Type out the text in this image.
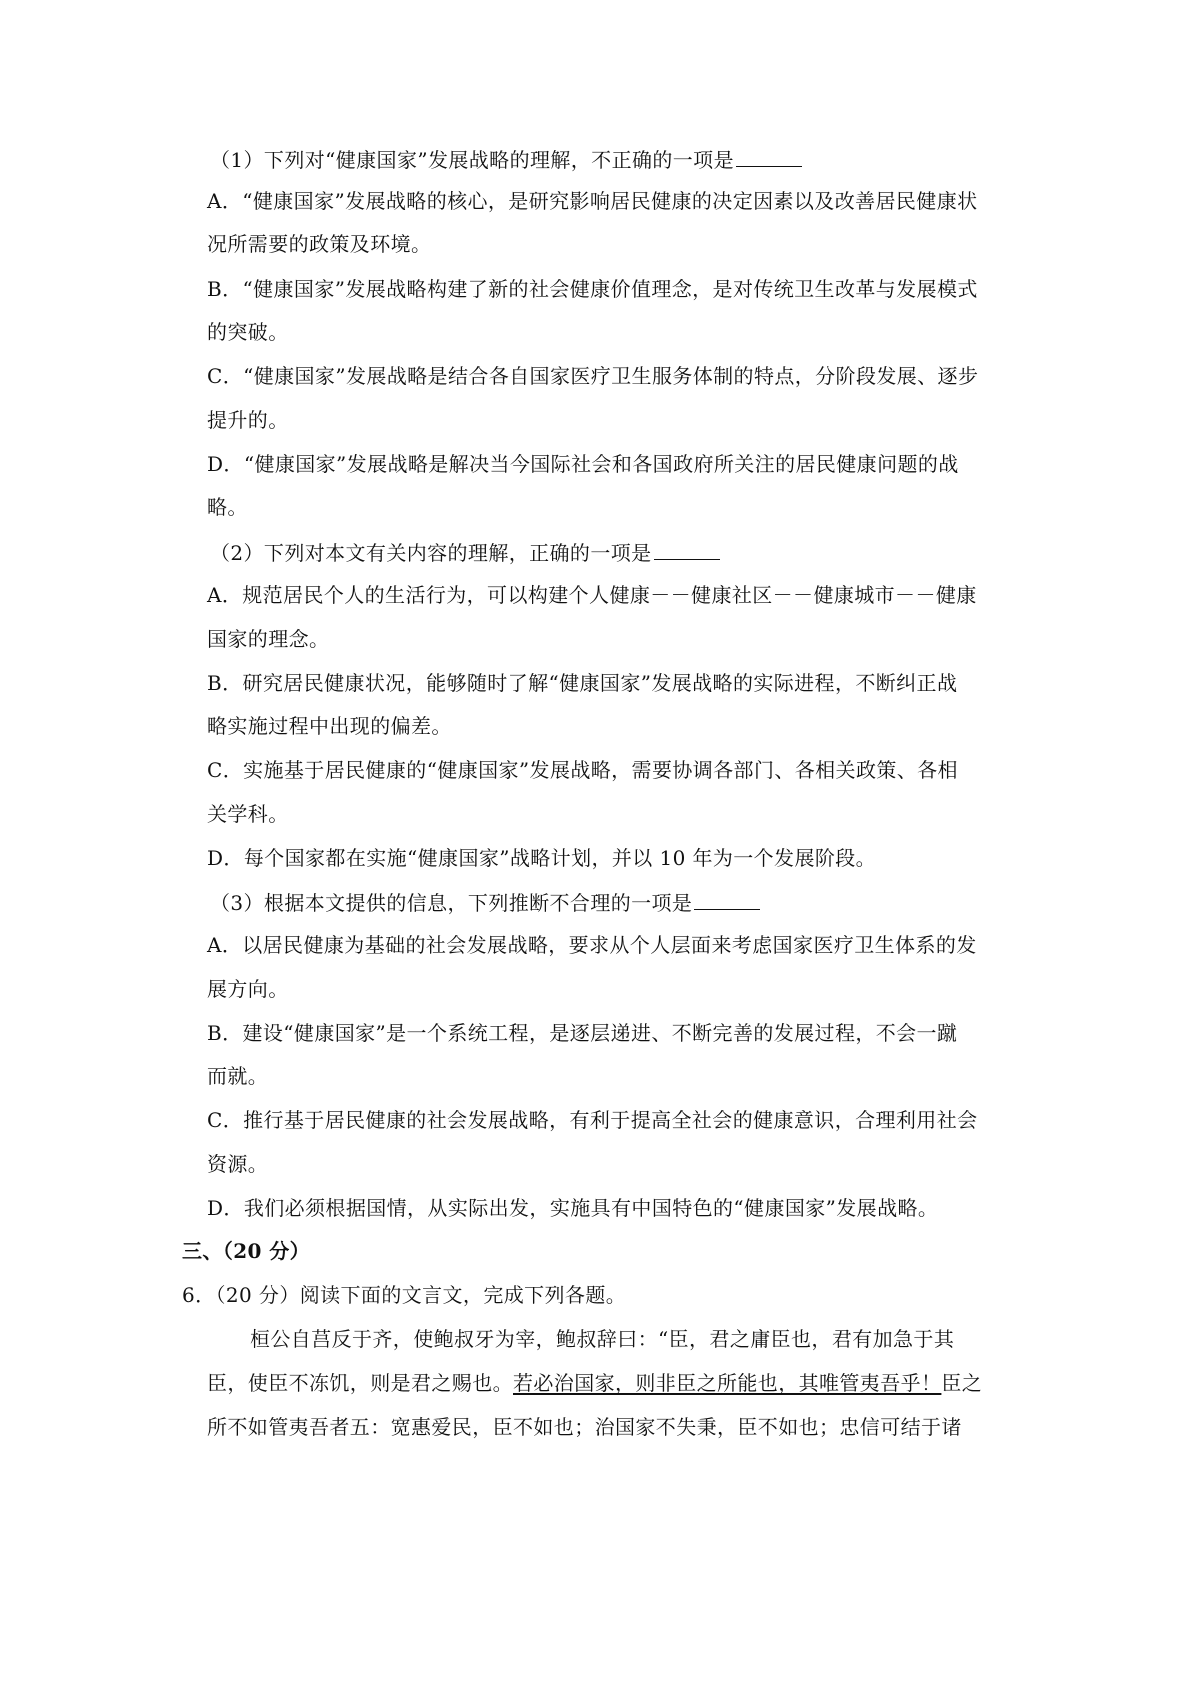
（1）下列对“健康国家”发展战略的理解，不正确的一项是
A．“健康国家”发展战略的核心，是研究影响居民健康的决定因素以及改善居民健康状
况所需要的政策及环境。
B．“健康国家”发展战略构建了新的社会健康价值理念，是对传统卫生改革与发展模式
的突破。
C．“健康国家”发展战略是结合各自国家医疗卫生服务体制的特点，分阶段发展、逐步
提升的。
D．“健康国家”发展战略是解决当今国际社会和各国政府所关注的居民健康问题的战
略。
（2）下列对本文有关内容的理解，正确的一项是
A．规范居民个人的生活行为，可以构建个人健康－－健康社区－－健康城市－－健康
国家的理念。
B．研究居民健康状况，能够随时了解“健康国家”发展战略的实际进程，不断纠正战
略实施过程中出现的偏差。
C．实施基于居民健康的“健康国家”发展战略，需要协调各部门、各相关政策、各相
关学科。
D．每个国家都在实施“健康国家”战略计划，并以 10 年为一个发展阶段。
（3）根据本文提供的信息，下列推断不合理的一项是
A．以居民健康为基础的社会发展战略，要求从个人层面来考虑国家医疗卫生体系的发
展方向。
B．建设“健康国家”是一个系统工程，是逐层递进、不断完善的发展过程，不会一蹴
而就。
C．推行基于居民健康的社会发展战略，有利于提高全社会的健康意识，合理利用社会
资源。
D．我们必须根据国情，从实际出发，实施具有中国特色的“健康国家”发展战略。
三、（20 分）
6．（20 分）阅读下面的文言文，完成下列各题。
桓公自莒反于齐，使鲍叔牙为宰，鲍叔辞曰：“臣，君之庸臣也，君有加急于其
臣，使臣不冻饥，则是君之赐也。若必治国家，则非臣之所能也，其唯管夷吾乎！臣之
所不如管夷吾者五：宽惠爱民，臣不如也；治国家不失秉，臣不如也；忠信可结于诸
